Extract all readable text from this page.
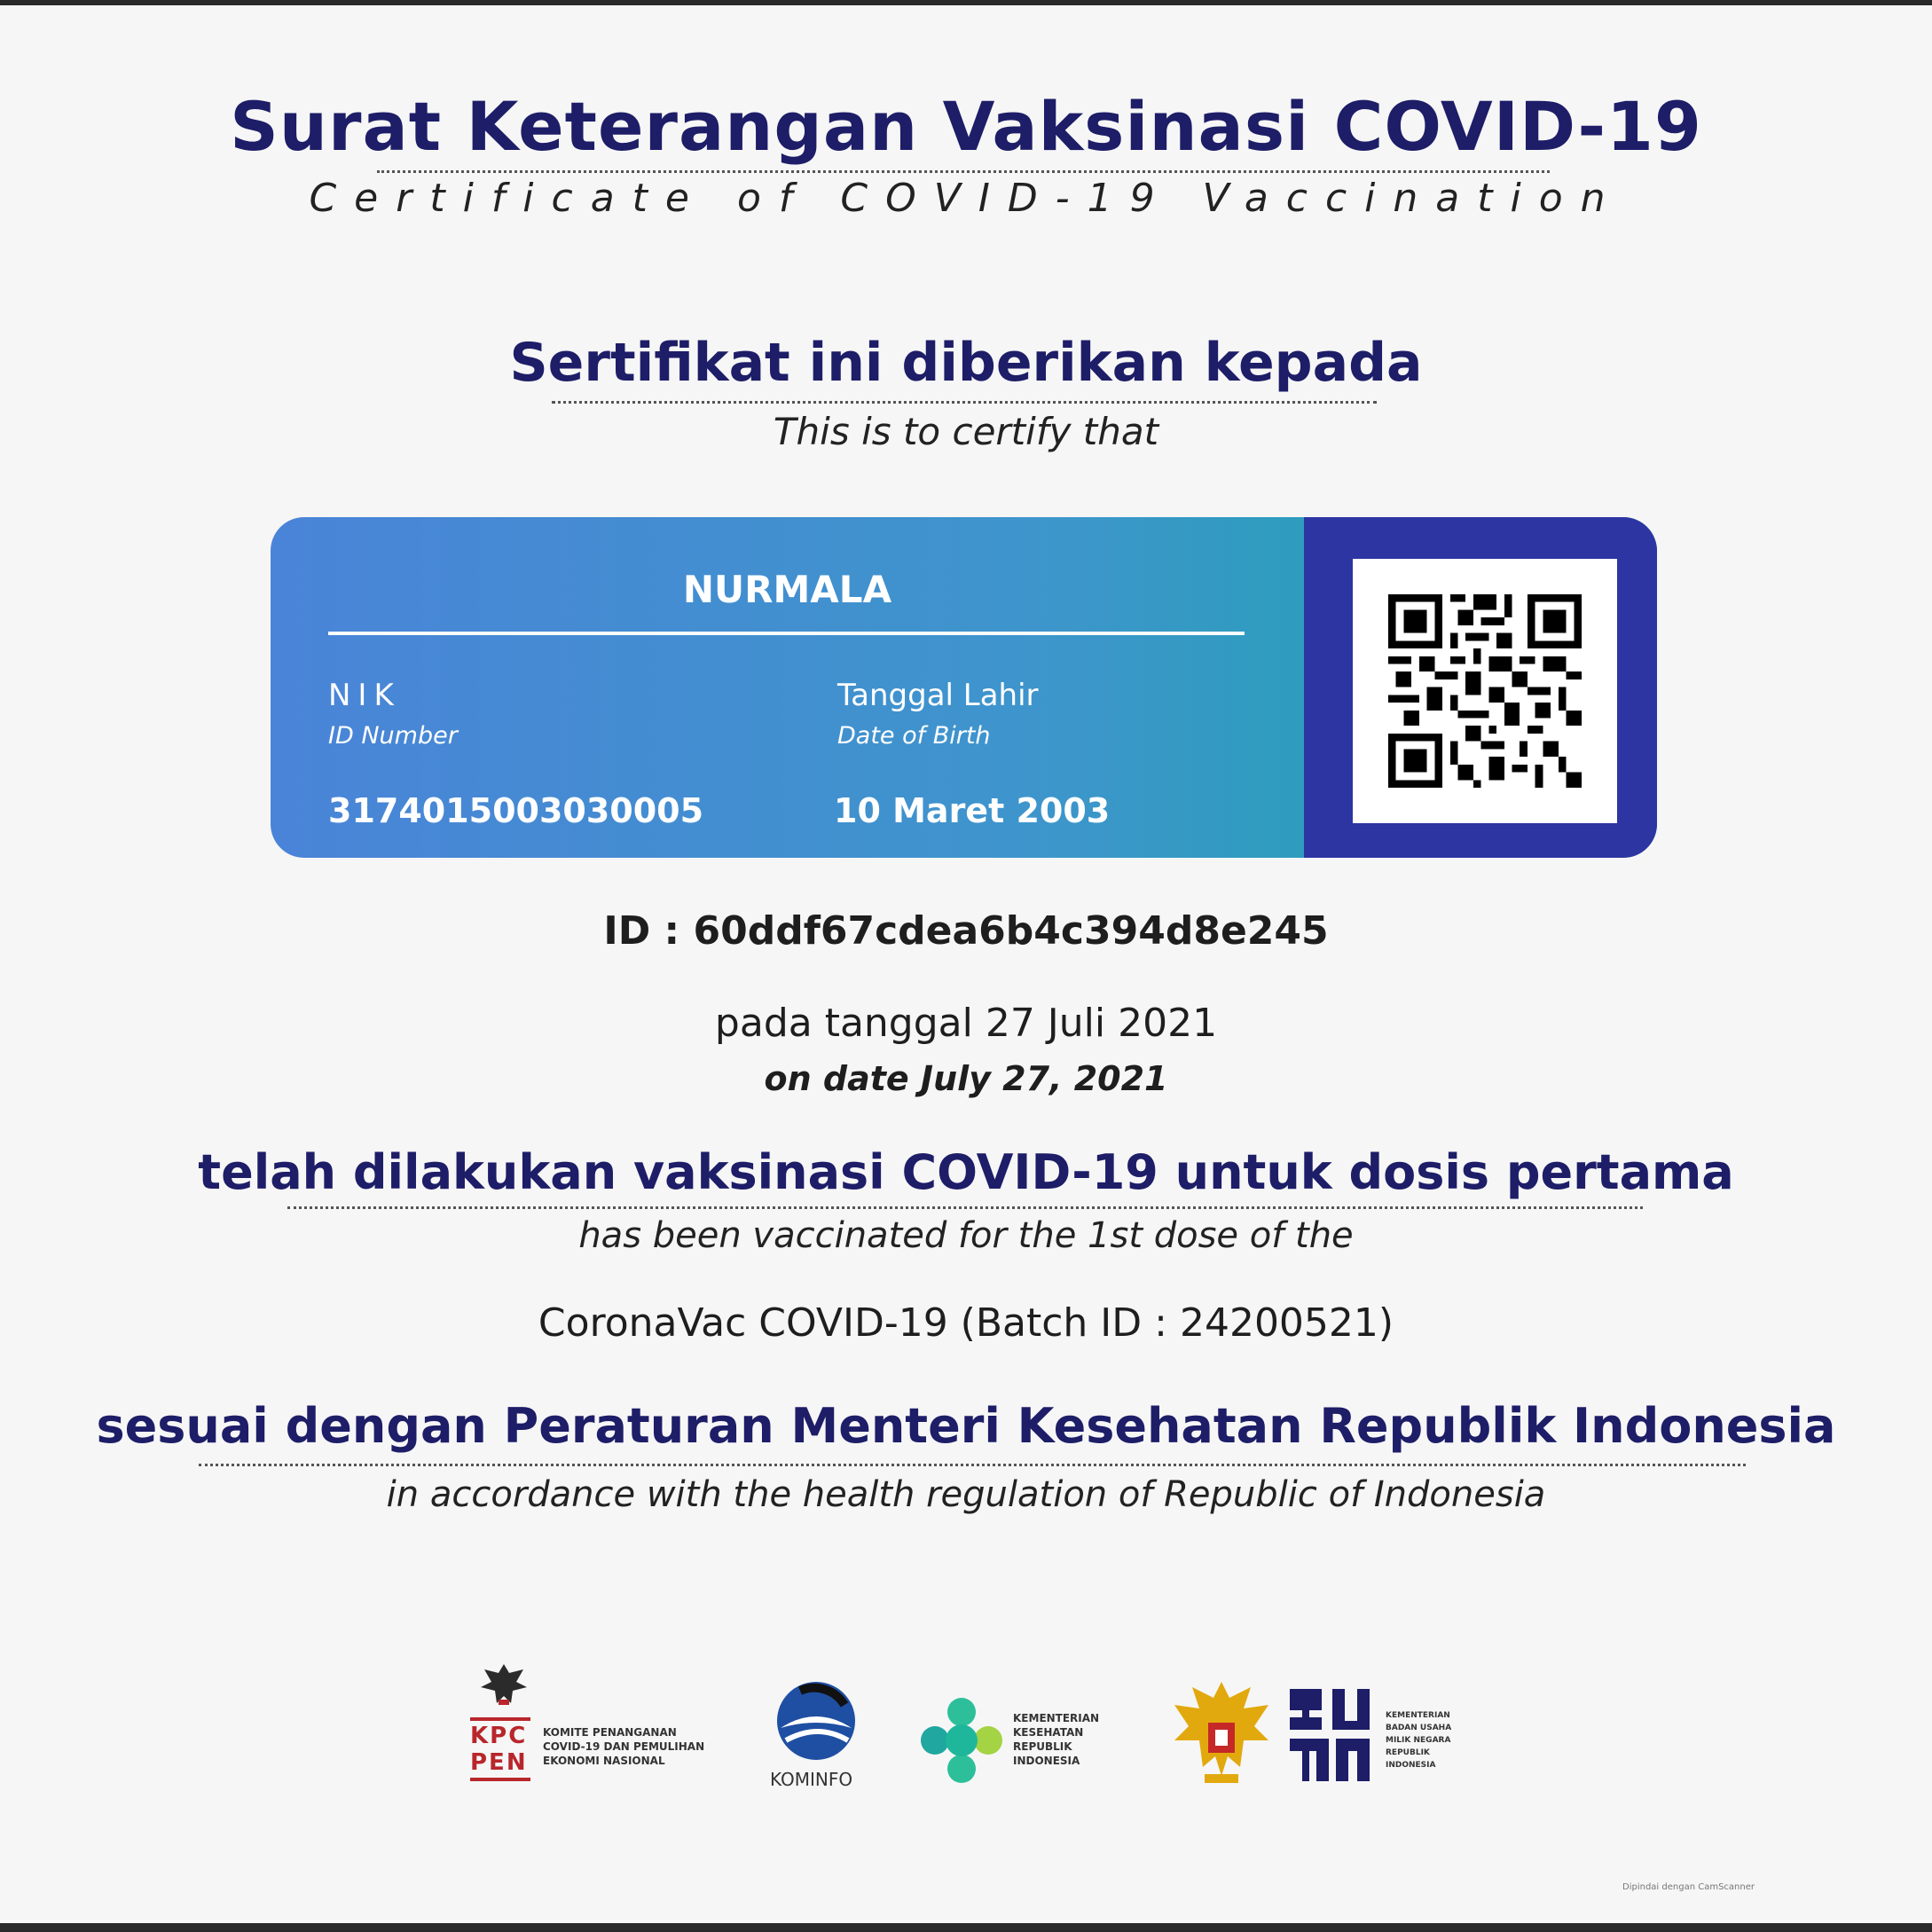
Surat Keterangan Vaksinasi COVID-19
Certificate of COVID-19 Vaccination
Sertifikat ini diberikan kepada
This is to certify that
NURMALA
NIK
ID Number
3174015003030005
Tanggal Lahir
Date of Birth
10 Maret 2003
ID : 60ddf67cdea6b4c394d8e245
pada tanggal 27 Juli 2021
on date July 27, 2021
telah dilakukan vaksinasi COVID-19 untuk dosis pertama
has been vaccinated for the 1st dose of the
CoronaVac COVID-19 (Batch ID : 24200521)
sesuai dengan Peraturan Menteri Kesehatan Republik Indonesia
in accordance with the health regulation of Republic of Indonesia
KPC
PEN
KOMITE PENANGANAN
COVID-19 DAN PEMULIHAN
EKONOMI NASIONAL
KOMINFO
KEMENTERIAN
KESEHATAN
REPUBLIK
INDONESIA
KEMENTERIAN
BADAN USAHA
MILIK NEGARA
REPUBLIK
INDONESIA
Dipindai dengan CamScanner
